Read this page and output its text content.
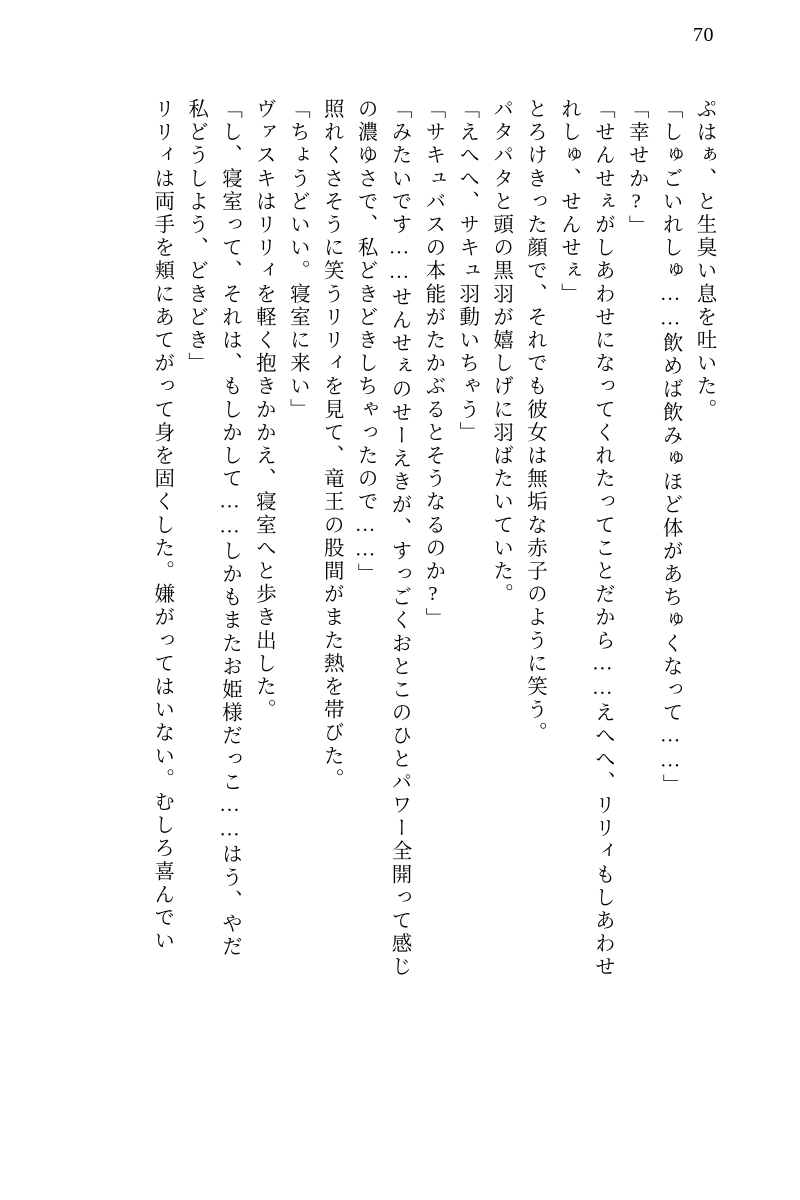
70
ぷはぁ、と生臭い息を吐いた。
「しゅごいれしゅ……飲めば飲みゅほど体があちゅくなって……」
「幸せか?」
「せんせぇがしあわせになってくれたってことだから……えへへ、リリィもしあわせ
れしゅ、せんせぇ」
とろけきった顔で、それでも彼女は無垢な赤子のように笑う。
パタパタと頭の黒羽が嬉しげに羽ばたいていた。
「えへへ、サキュ羽動いちゃう」
「サキュバスの本能がたかぶるとそうなるのか?」
「みたいです……せんせぇのせーえきが、すっごくおとこのひとパワー全開って感じ
の濃ゆさで、私どきどきしちゃったので……」
照れくさそうに笑うリリィを見て、竜王の股間がまた熱を帯びた。
「ちょうどいい。寝室に来い」
ヴァスキはリリィを軽く抱きかかえ、寝室へと歩き出した。
「し、寝室って、それは、もしかして……しかもまたお姫様だっこ……はう、やだ
私どうしよう、どきどき」
リリィは両手を頬にあてがって身を固くした。嫌がってはいない。むしろ喜んでい
